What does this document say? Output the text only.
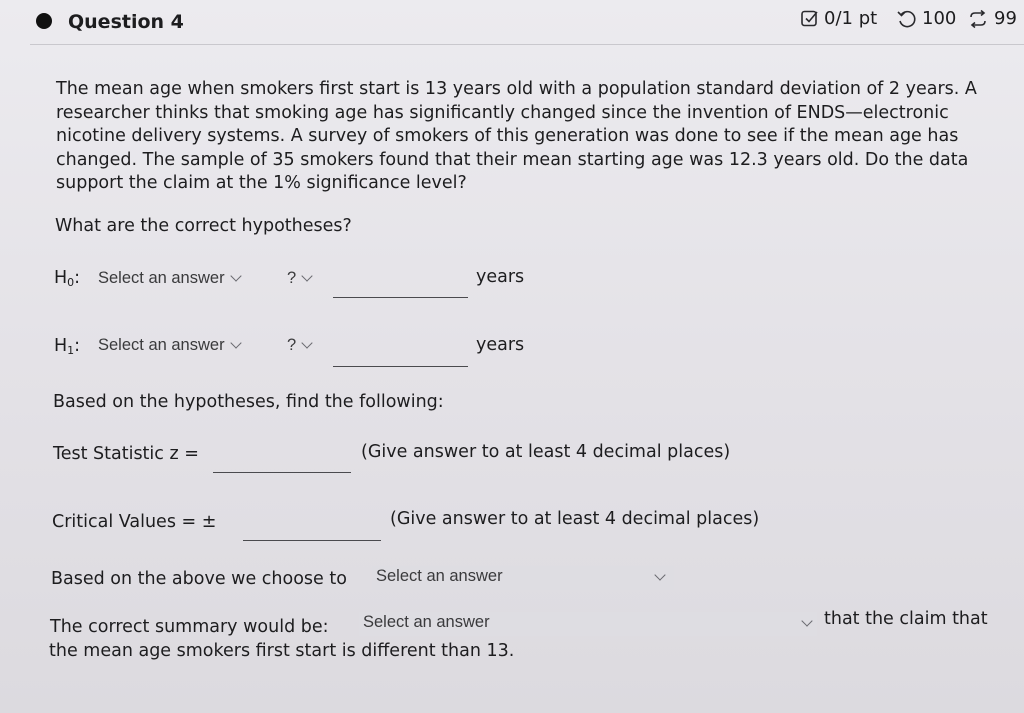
Question 4	0/1 pt 100 99
The mean age when smokers first start is 13 years old with a population standard deviation of 2 years. A researcher thinks that smoking age has significantly changed since the invention of ENDS—electronic nicotine delivery systems. A survey of smokers of this generation was done to see if the mean age has changed. The sample of 35 smokers found that their mean starting age was 12.3 years old. Do the data support the claim at the 1% significance level?
What are the correct hypotheses?
$H_0$: Select an answer	?	years
$H_1$: Select an answer	?	years
Based on the hypotheses, find the following:
Test Statistic z =	(Give answer to at least 4 decimal places)
Critical Values = ±	(Give answer to at least 4 decimal places)
Based on the above we choose to Select an answer
The correct summary would be: Select an answer	that the claim that
the mean age smokers first start is different than 13.
